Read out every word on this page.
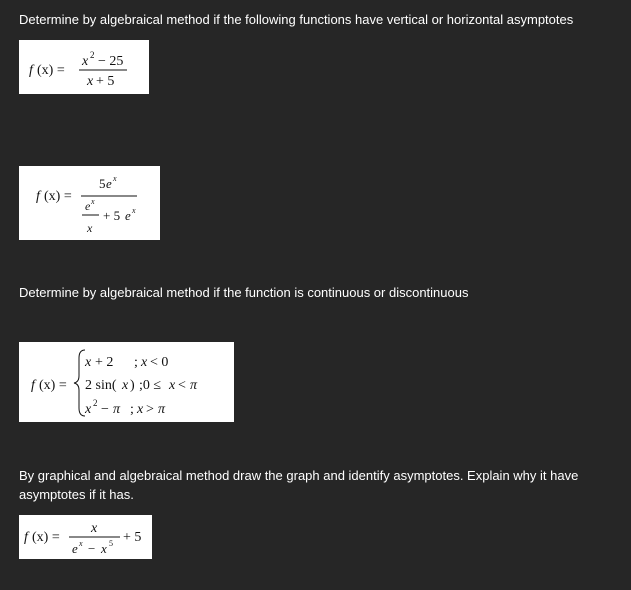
Determine by algebraical method if the following functions have vertical or horizontal asymptotes

f (x) =
x 2 − 25
x + 5
f (x) =
5 e x
e x
x
+ 5 e x

Determine by algebraical method if the function is continuous or discontinuous

f (x) =
x + 2 ; x < 0
2 sin( x ) ;0 ≤ x < π
x 2 − π ; x > π

By graphical and algebraical method draw the graph and identify asymptotes. Explain why it have asymptotes if it has.

f (x) =
x
e x − x 5 + 5
